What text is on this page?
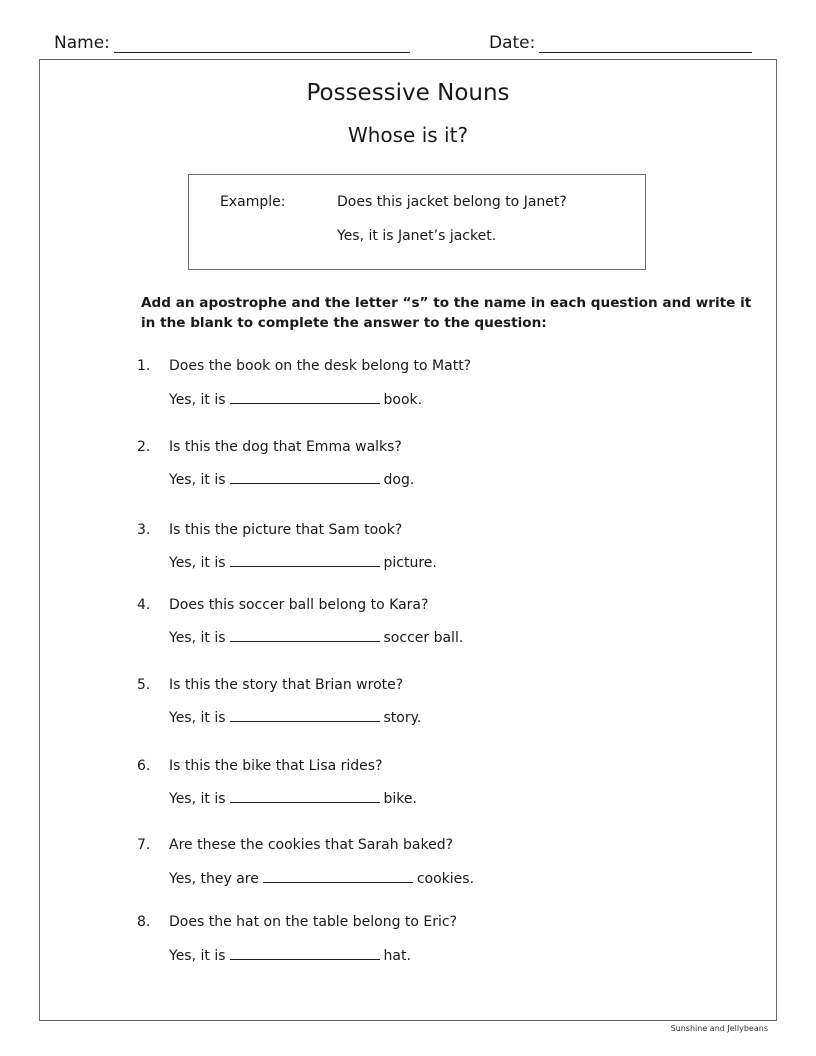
Name:	Date:
Possessive Nouns
Whose is it?
Example:	Does this jacket belong to Janet?
Yes, it is Janet’s jacket.
Add an apostrophe and the letter “s” to the name in each question and write it in the blank to complete the answer to the question:
1. Does the book on the desk belong to Matt?
Yes, it is	book.
2. Is this the dog that Emma walks?
Yes, it is	dog.
3. Is this the picture that Sam took?
Yes, it is	picture.
4. Does this soccer ball belong to Kara?
Yes, it is	soccer ball.
5. Is this the story that Brian wrote?
Yes, it is	story.
6. Is this the bike that Lisa rides?
Yes, it is	bike.
7. Are these the cookies that Sarah baked?
Yes, they are	cookies.
8. Does the hat on the table belong to Eric?
Yes, it is	hat.
Sunshine and Jellybeans
